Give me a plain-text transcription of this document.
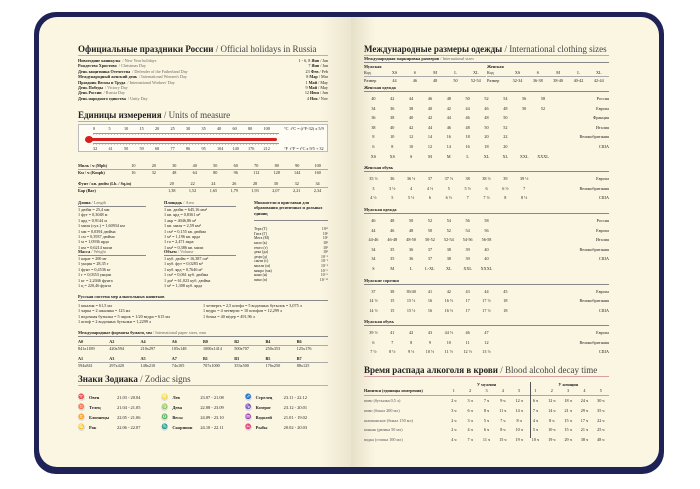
Официальные праздники России / Official holidays in Russia
Новогодние каникулы / New Year holidays	1 - 6, 8 Янв / Jan
Рождество Христово / Christmas Day	7 Янв / Jan
День защитника Отечества / Defender of the Fatherland Day	23 Фев / Feb
Международный женский день / International Women's Day	8 Мар / Mar
Праздник Весны и Труда / International Workers' Day	1 Май / May
День Победы / Victory Day	9 Май / May
День России / Russia Day	12 Июн / Jun
День народного единства / Unity Day	4 Ноя / Nov
Единицы измерения / Units of measure
0	5	10	15	20	25	30	35	40	60	80	100
32	41	50	59	68	77	86	95	104	140	176	212
°C t°C = (t°F-32) x 5/9
°F t°F = t°C x 9/5 + 32
Миль / ч (Mph)	10	20	30	40	50	60	70	80	90	100
Км / ч (Kmph)	16	32	48	64	80	96	112	128	144	160
Фунт / кв. дюйм (Lb. / Sq.in)	20	22	24	26	28	30	32	34
Бар (Bar)	1,38	1,52	1,65	1,79	1,93	2,07	2,21	2,34
Длина / Length
1 дюйм = 25,4 мм
1 фут = 0,3048 м
1 ярд = 0,9144 м
1 миля (сух.) = 1,60934 км
1 мм = 0,0394 дюйма
1 см = 0,3937 дюйма
1 м = 1,0936 ярда
1 км = 0,6214 мили
Площадь / Area
1 кв. дюйм = 645,16 мм²
1 кв. ярд = 0,8361 м²
1 акр = 4046,86 м²
1 кв. миля = 2,59 км²
1 см² = 0,155 кв. дюйма
1 м² = 1,196 кв. ярда
1 га = 2,471 акра
1 км² = 0,386 кв. мили
Масса / Weight
1 карат = 200 мг
1 унция = 28,35 г
1 фунт = 0,4536 кг
1 г = 0,0353 унции
1 кг = 2,2046 фунта
1 ц = 220,46 фунта
Объем / Volume
1 куб. дюйм = 16,387 см³
1 куб. фут = 0,0283 м³
1 куб. ярд = 0,7646 м³
1 см³ = 0,061 куб. дюйма
1 дм³ = 61,023 куб. дюйма
1 м³ = 1,308 куб. ярда
Множители и приставки для образования десятичных и дольных единиц
Тера (Т)	10¹²
Гига (Г)	10⁹
Мега (М)	10⁶
кило (к)	10³
гекто (г)	10²
дека (да)	10¹
деци (д)	10⁻¹
санти (с)	10⁻²
милли (м)	10⁻³
микро (мк)	10⁻⁶
нано (н)	10⁻⁹
пико (п)	10⁻¹²
Русская система мер алкогольных напитков
1 шкалик = 61,5 мл
1 чарка = 2 шкалика = 123 мл
1 водочная бутылка = 5 чарок = 1/20 ведра = 615 мл
1 штоф = 2 водочных бутылки = 1,2299 л
1 четверть = 2,5 штофа = 5 водочных бутылок = 3,075 л
1 ведро = 4 четверти = 10 штофов = 12,299 л
1 бочка = 40 вёдер = 491,96 л
Международные форматы бумаги, мм / International paper sizes, mm
A0	A2	A4	A6	B0	B2	B4	B6
841x1189	420x594	210x297	105x148	1000x1414	500x707	250x353	125x176
A1	A3	A5	A7	B1	B3	B5	B7
594x841	297x420	148x210	74x105	707x1000	353x500	176x250	88x125
Знаки Зодиака / Zodiac signs
♈ Овен	21.03 - 20.04
♉ Телец	21.04 - 21.05
♊ Близнецы	22.05 - 21.06
♋ Рак	22.06 - 22.07
♌ Лев	23.07 - 21.08
♍ Дева	22.08 - 23.09
♎ Весы	24.09 - 23.10
♏ Скорпион	24.10 - 22.11
♐ Стрелец	23.11 - 22.12
♑ Козерог	23.12 - 20.01
♒ Водолей	21.01 - 19.02
♓ Рыбы	20.02 - 20.03
Международные размеры одежды / International clothing sizes
Международная маркировка размеров / International sizes
Мужская
Код	XS	S	M	L	XL
Размер	44	46	48	50	52-54
Женская
Код	XS	S	M	L	XL
Размер	32-34	36-38	38-40	40-42	42-44
Женская одежда
40	42	44	46	48	50	52	54	56	58	Россия
34	36	38	40	42	44	46	48	50	52	Европа
36	38	40	42	44	46	48	50	Франция
38	40	42	44	46	48	50	52	Италия
8	10	12	14	16	18	20	22	Великобритания
6	8	10	12	14	16	18	20	США
XS	XS	S	M	M	L	XL	XL	XXL	XXXL
Женская обувь
35 ½	36	36 ½	37	37 ½	38	38 ½	39	39 ½	Европа
3	3 ½	4	4 ½	5	5 ½	6	6 ½	7	Великобритания
4 ½	5	5 ½	6	6 ½	7	7 ½	8	8 ½	США
Мужская одежда
46	48	50	52	54	56	58	Россия
44	46	48	50	52	54	56	Европа
44-46	46-48	48-50	50-52	52-54	54-56	56-58	Италия
34	35	36	37	38	39	40	Великобритания
34	35	36	37	38	39	40	США
S	M	L	L-XL	XL	XXL	XXXL
Мужские сорочки
37	38	39/40	41	42	43	44	45	Европа
14 ½	15	15 ½	16	16 ½	17	17 ½	18	Великобритания
14 ½	15	15 ½	16	16 ½	17	17 ½	18	США
Мужская обувь
39 ½	41	42	43	44 ½	46	47	Европа
6	7	8	9	10	11	12	Великобритания
7 ½	8 ½	9 ½	10 ½	11 ½	12 ½	13 ½	США
Время распада алкоголя в крови / Blood alcohol decay time
У мужчин	У женщин
Напитки (единицы измерения)	1	2	3	4	5	1	2	3	4	5
пиво (бутылка 0,5 л)	2 ч	3 ч	7 ч	9 ч	12 ч	6 ч	12 ч	18 ч	24 ч	30 ч
пиво (бокал 200 мл)	3 ч	6 ч	8 ч	11 ч	14 ч	7 ч	14 ч	21 ч	29 ч	35 ч
шампанское (бокал 150 мл)	2 ч	3 ч	5 ч	7 ч	8 ч	4 ч	8 ч	15 ч	17 ч	22 ч
коньяк (рюмка 50 мл)	2 ч	4 ч	6 ч	8 ч	10 ч	5 ч	10 ч	15 ч	21 ч	25 ч
водка (стопка 100 мл)	4 ч	7 ч	11 ч	15 ч	19 ч	10 ч	19 ч	29 ч	38 ч	48 ч
